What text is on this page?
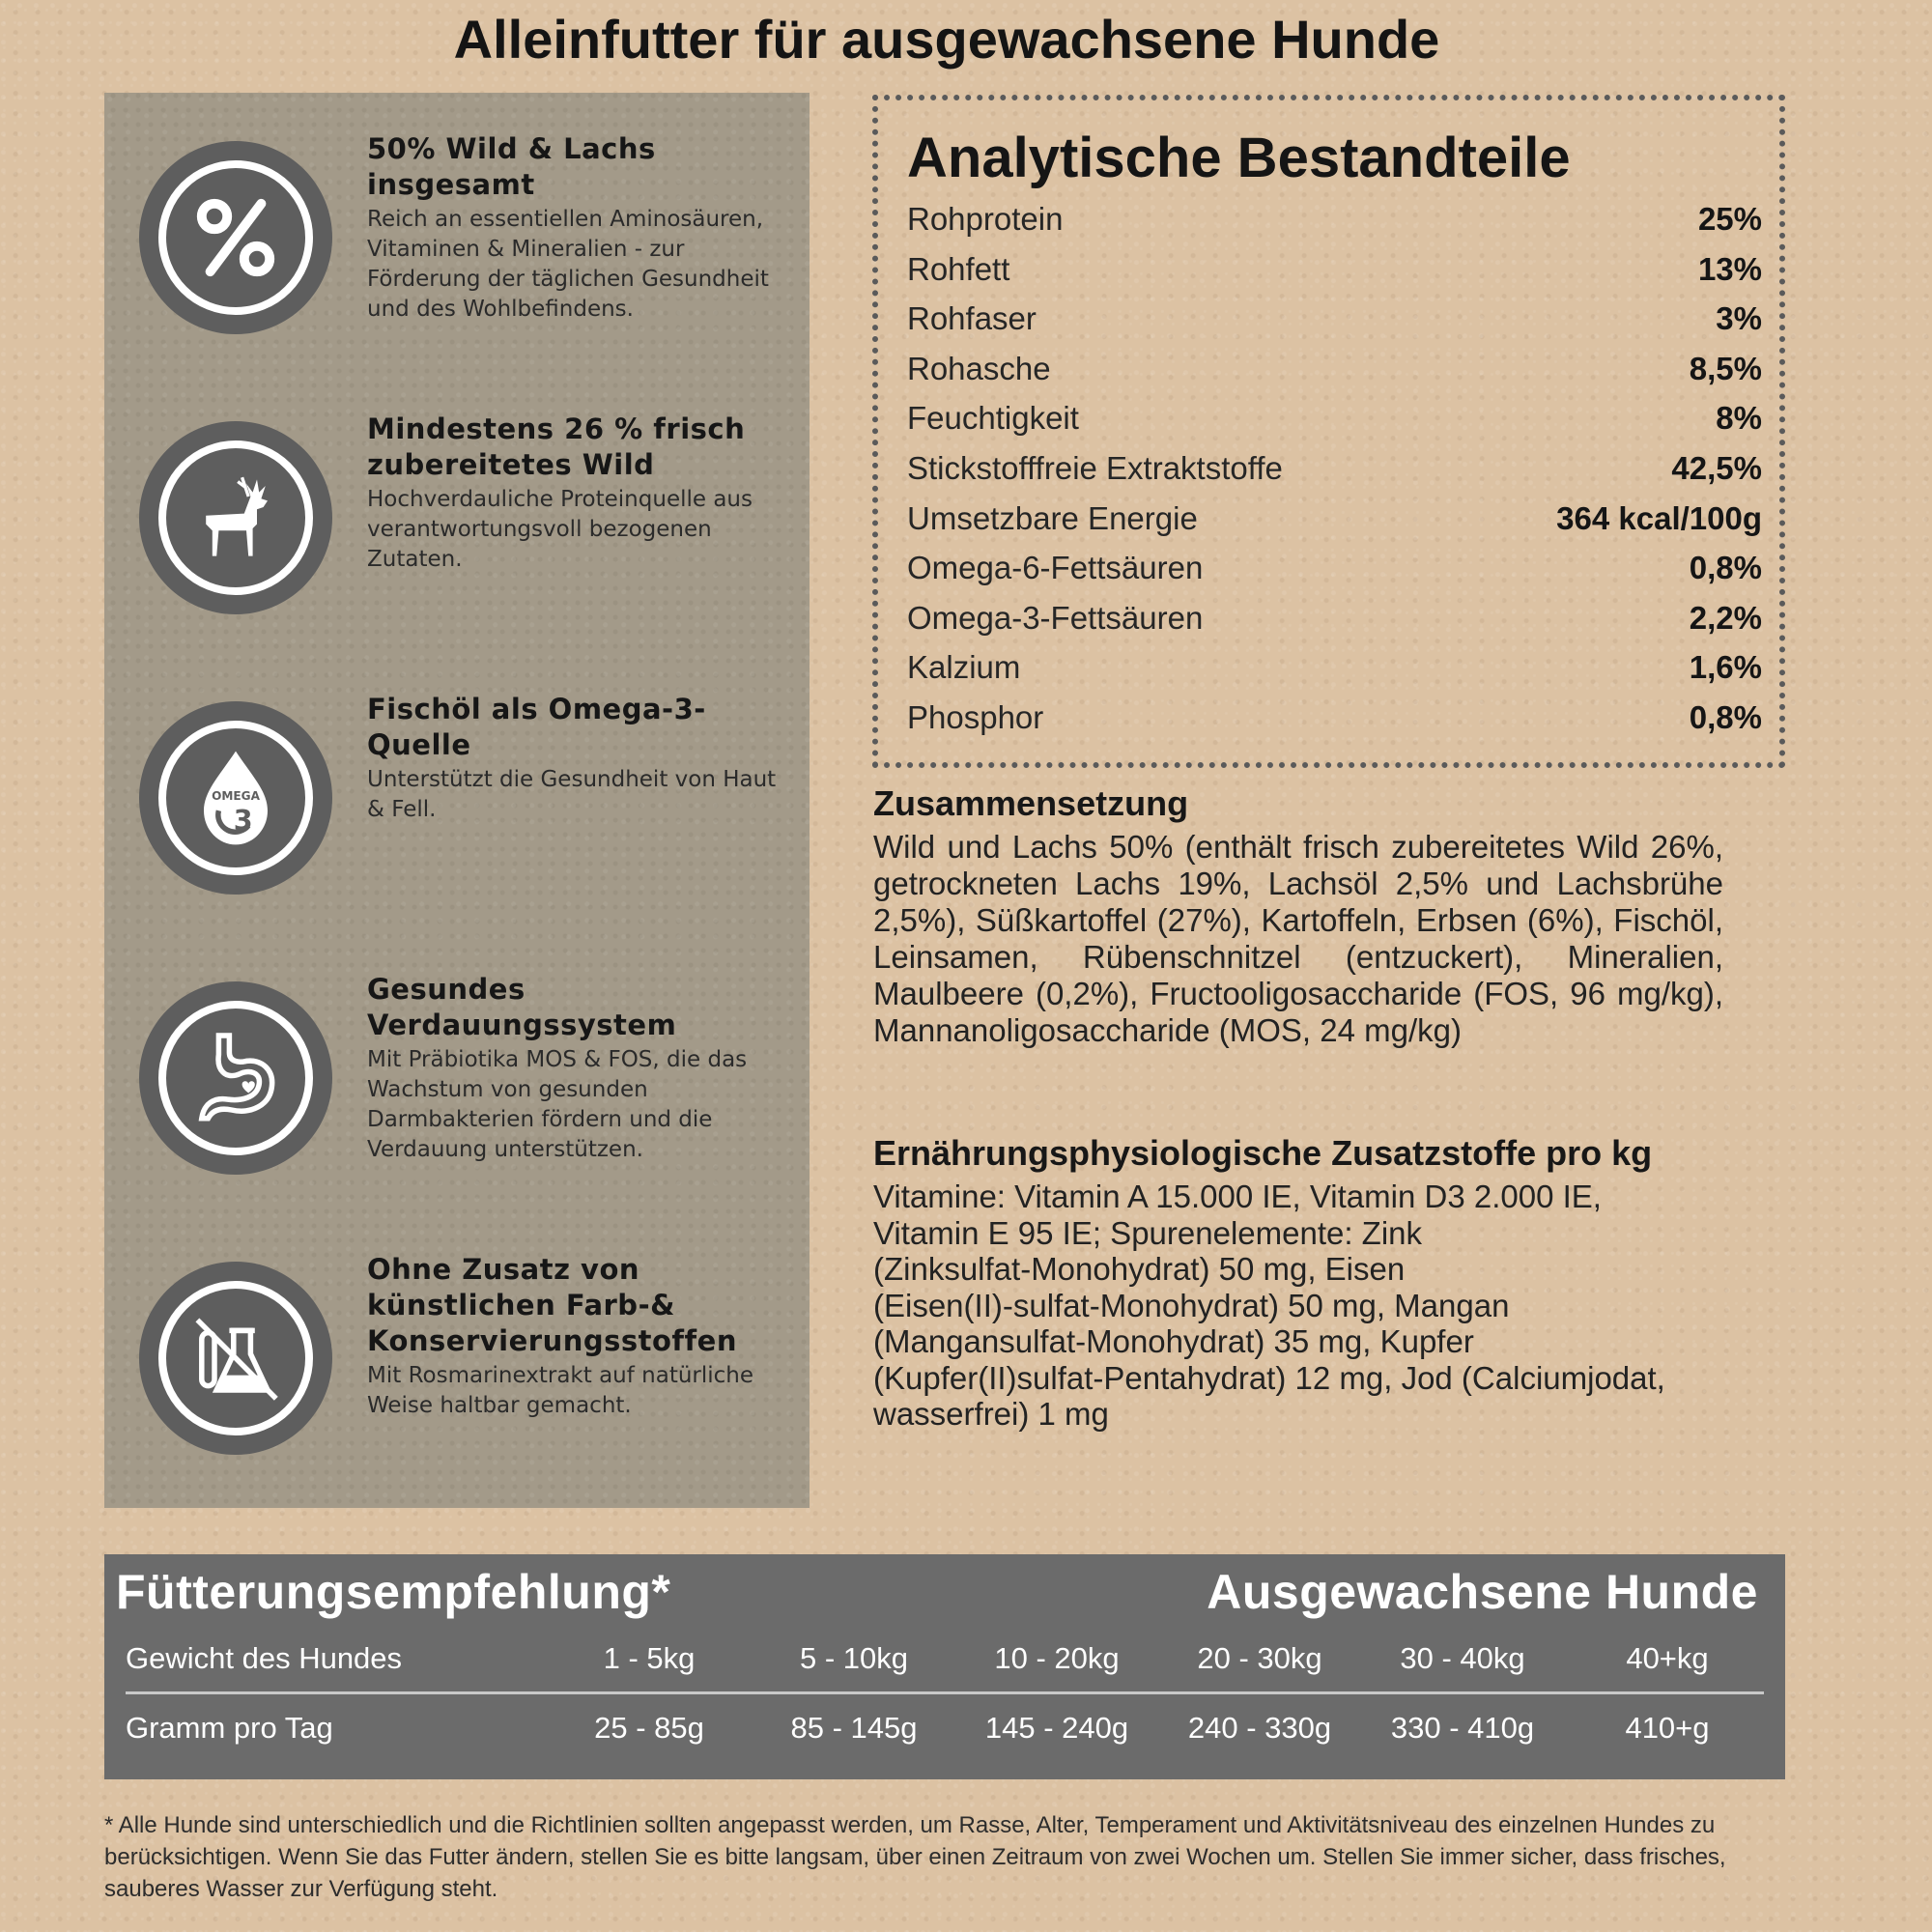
Alleinfutter für ausgewachsene Hunde

50% Wild & Lachs insgesamt

Reich an essentiellen Aminosäuren, Vitaminen & Mineralien - zur Förderung der täglichen Gesundheit und des Wohlbefindens.

Mindestens 26 % frisch zubereitetes Wild

Hochverdauliche Proteinquelle aus verantwortungsvoll bezogenen Zutaten.

OMEGA
3

Fischöl als Omega-3-Quelle

Unterstützt die Gesundheit von Haut & Fell.

Gesundes Verdauungssystem

Mit Präbiotika MOS & FOS, die das Wachstum von gesunden Darmbakterien fördern und die Verdauung unterstützen.

Ohne Zusatz von künstlichen Farb-& Konservierungsstoffen

Mit Rosmarinextrakt auf natürliche Weise haltbar gemacht.

Analytische Bestandteile
Rohprotein	25%
Rohfett	13%
Rohfaser	3%
Rohasche	8,5%
Feuchtigkeit	8%
Stickstofffreie Extraktstoffe	42,5%
Umsetzbare Energie	364 kcal/100g
Omega-6-Fettsäuren	0,8%
Omega-3-Fettsäuren	2,2%
Kalzium	1,6%
Phosphor	0,8%
Zusammensetzung

Wild und Lachs 50% (enthält frisch zubereitetes Wild 26%, getrockneten Lachs 19%, Lachsöl 2,5% und Lachsbrühe 2,5%), Süßkartoffel (27%), Kartoffeln, Erbsen (6%), Fischöl, Leinsamen, Rübenschnitzel (entzuckert), Mineralien, Maulbeere (0,2%), Fructooligosaccharide (FOS, 96 mg/kg), Mannanoligosaccharide (MOS, 24 mg/kg)

Ernährungsphysiologische Zusatzstoffe pro kg

Vitamine: Vitamin A 15.000 IE, Vitamin D3 2.000 IE,
Vitamin E 95 IE; Spurenelemente: Zink
(Zinksulfat-Monohydrat) 50 mg, Eisen
(Eisen(II)-sulfat-Monohydrat) 50 mg, Mangan
(Mangansulfat-Monohydrat) 35 mg, Kupfer
(Kupfer(II)sulfat-Pentahydrat) 12 mg, Jod (Calciumjodat,
wasserfrei) 1 mg

Fütterungsempfehlung*	Ausgewachsene Hunde
Gewicht des Hundes	1 - 5kg	5 - 10kg	10 - 20kg	20 - 30kg	30 - 40kg	40+kg
Gramm pro Tag	25 - 85g	85 - 145g	145 - 240g	240 - 330g	330 - 410g	410+g

* Alle Hunde sind unterschiedlich und die Richtlinien sollten angepasst werden, um Rasse, Alter, Temperament und Aktivitätsniveau des einzelnen Hundes zu berücksichtigen. Wenn Sie das Futter ändern, stellen Sie es bitte langsam, über einen Zeitraum von zwei Wochen um. Stellen Sie immer sicher, dass frisches, sauberes Wasser zur Verfügung steht.
